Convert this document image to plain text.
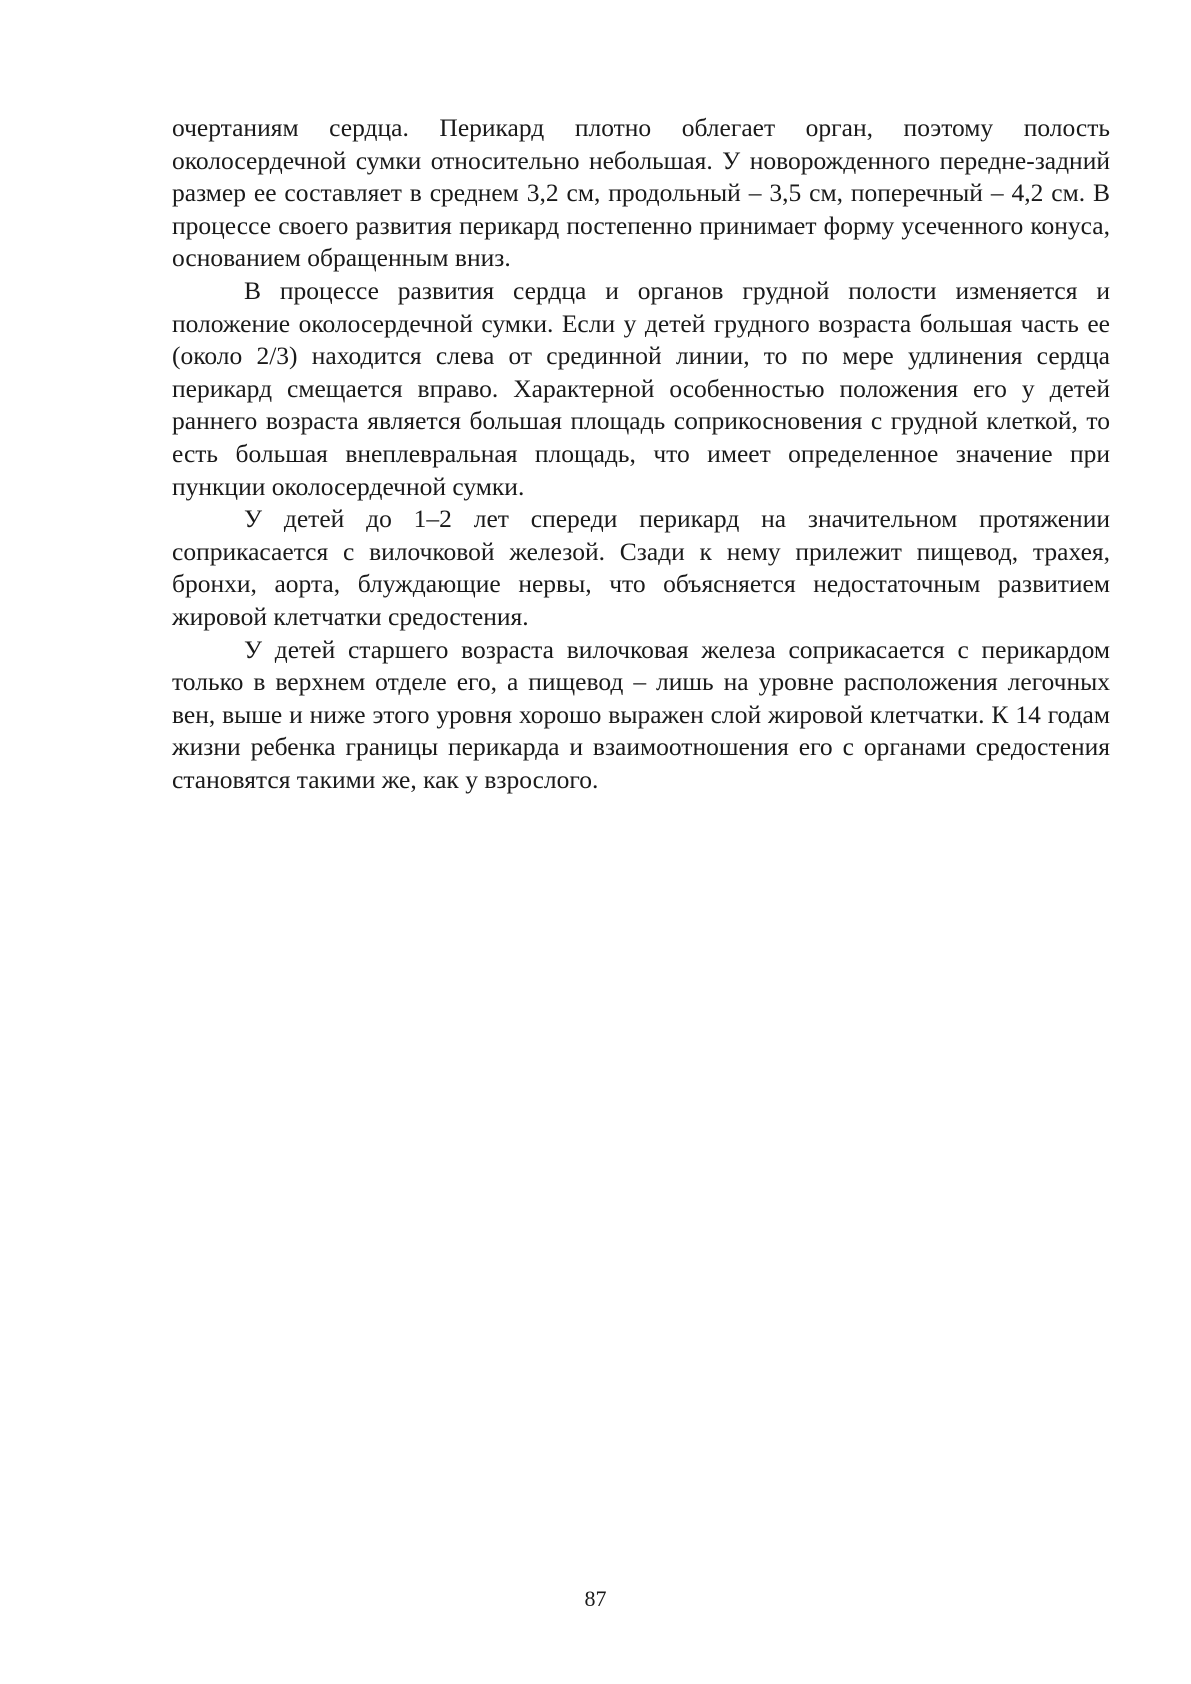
очертаниям сердца. Перикард плотно облегает орган, поэтому полость околосердечной сумки относительно небольшая. У новорожденного передне-задний размер ее составляет в среднем 3,2 см, продольный – 3,5 см, поперечный – 4,2 см. В процессе своего развития перикард постепенно принимает форму усеченного конуса, основанием обращенным вниз.

В процессе развития сердца и органов грудной полости изменяется и положение околосердечной сумки. Если у детей грудного возраста большая часть ее (около 2/3) находится слева от срединной линии, то по мере удлинения сердца перикард смещается вправо. Характерной особенностью положения его у детей раннего возраста является большая площадь соприкосновения с грудной клеткой, то есть большая внеплевральная площадь, что имеет определенное значение при пункции околосердечной сумки.

У детей до 1–2 лет спереди перикард на значительном протяжении соприкасается с вилочковой железой. Сзади к нему прилежит пищевод, трахея, бронхи, аорта, блуждающие нервы, что объясняется недостаточным развитием жировой клетчатки средостения.

У детей старшего возраста вилочковая железа соприкасается с перикардом только в верхнем отделе его, а пищевод – лишь на уровне расположения легочных вен, выше и ниже этого уровня хорошо выражен слой жировой клетчатки. К 14 годам жизни ребенка границы перикарда и взаимоотношения его с органами средостения становятся такими же, как у взрослого.

87
